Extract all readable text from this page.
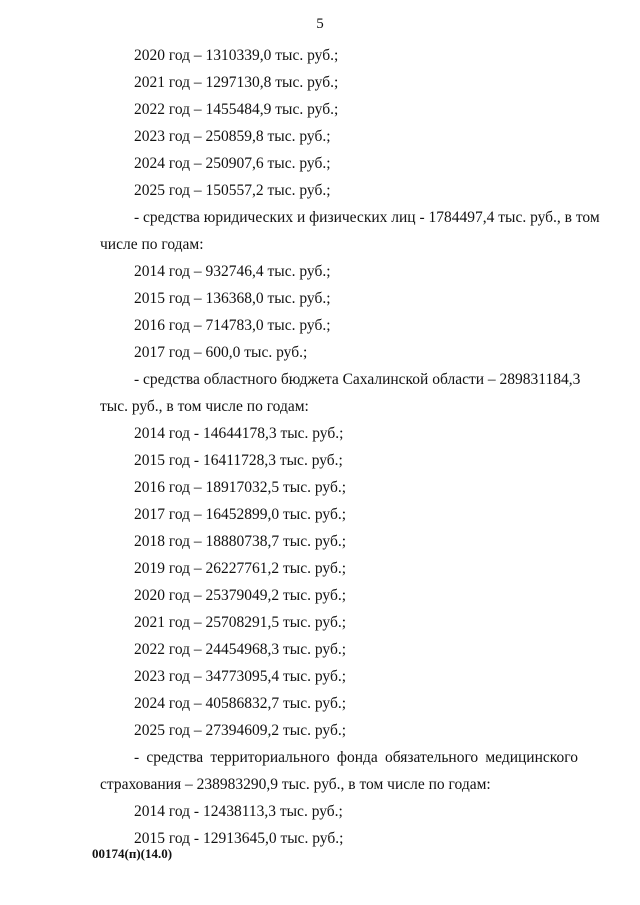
5
2020 год – 1310339,0 тыс. руб.;
2021 год – 1297130,8 тыс. руб.;
2022 год – 1455484,9 тыс. руб.;
2023 год – 250859,8 тыс. руб.;
2024 год – 250907,6 тыс. руб.;
2025 год – 150557,2 тыс. руб.;
- средства юридических и физических лиц - 1784497,4 тыс. руб., в том
числе по годам:
2014 год – 932746,4 тыс. руб.;
2015 год – 136368,0 тыс. руб.;
2016 год – 714783,0 тыс. руб.;
2017 год – 600,0 тыс. руб.;
- средства областного бюджета Сахалинской области – 289831184,3
тыс. руб., в том числе по годам:
2014 год - 14644178,3 тыс. руб.;
2015 год - 16411728,3 тыс. руб.;
2016 год – 18917032,5 тыс. руб.;
2017 год – 16452899,0 тыс. руб.;
2018 год – 18880738,7 тыс. руб.;
2019 год – 26227761,2 тыс. руб.;
2020 год – 25379049,2 тыс. руб.;
2021 год – 25708291,5 тыс. руб.;
2022 год – 24454968,3 тыс. руб.;
2023 год – 34773095,4 тыс. руб.;
2024 год – 40586832,7 тыс. руб.;
2025 год – 27394609,2 тыс. руб.;
- средства территориального фонда обязательного медицинского
страхования – 238983290,9 тыс. руб., в том числе по годам:
2014 год - 12438113,3 тыс. руб.;
2015 год - 12913645,0 тыс. руб.;
00174(п)(14.0)
